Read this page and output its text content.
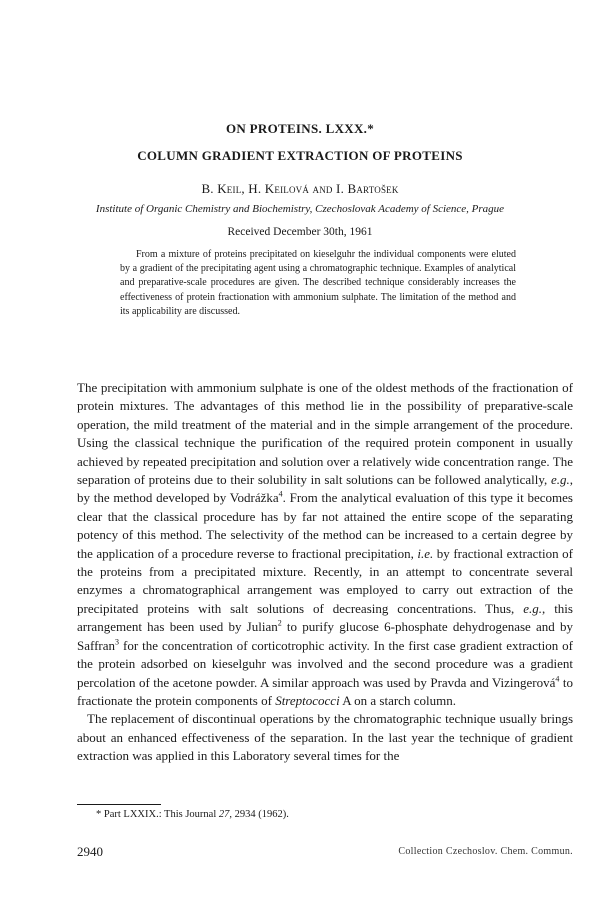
ON PROTEINS. LXXX.*
COLUMN GRADIENT EXTRACTION OF PROTEINS
B. Keil, H. Keilová and I. Bartošek
Institute of Organic Chemistry and Biochemistry, Czechoslovak Academy of Science, Prague
Received December 30th, 1961
From a mixture of proteins precipitated on kieselguhr the individual components were eluted by a gradient of the precipitating agent using a chromatographic technique. Examples of analytical and preparative-scale procedures are given. The described technique considerably increases the effectiveness of protein fractionation with ammonium sulphate. The limitation of the method and its applicability are discussed.

The precipitation with ammonium sulphate is one of the oldest methods of the fractionation of protein mixtures. The advantages of this method lie in the possibility of preparative-scale operation, the mild treatment of the material and in the simple arrangement of the procedure. Using the classical technique the purification of the required protein component in usually achieved by repeated precipitation and solution over a relatively wide concentration range. The separation of proteins due to their solubility in salt solutions can be followed analytically, e.g., by the method developed by Vodrážka$^4$. From the analytical evaluation of this type it becomes clear that the classical procedure has by far not attained the entire scope of the separating potency of this method. The selectivity of the method can be increased to a certain degree by the application of a procedure reverse to fractional precipitation, i.e. by fractional extraction of the proteins from a precipitated mixture. Recently, in an attempt to concentrate several enzymes a chromatographical arrangement was employed to carry out extraction of the precipitated proteins with salt solutions of decreasing concentrations. Thus, e.g., this arrangement has been used by Julian$^2$ to purify glucose 6-phosphate dehydrogenase and by Saffran$^3$ for the concentration of corticotrophic activity. In the first case gradient extraction of the protein adsorbed on kieselguhr was involved and the second procedure was a gradient percolation of the acetone powder. A similar approach was used by Pravda and Vizingerová$^4$ to fractionate the protein components of Streptococci A on a starch column.

The replacement of discontinual operations by the chromatographic technique usually brings about an enhanced effectiveness of the separation. In the last year the technique of gradient extraction was applied in this Laboratory several times for the

* Part LXXIX.: This Journal 27, 2934 (1962).
2940	Collection Czechoslov. Chem. Commun.
